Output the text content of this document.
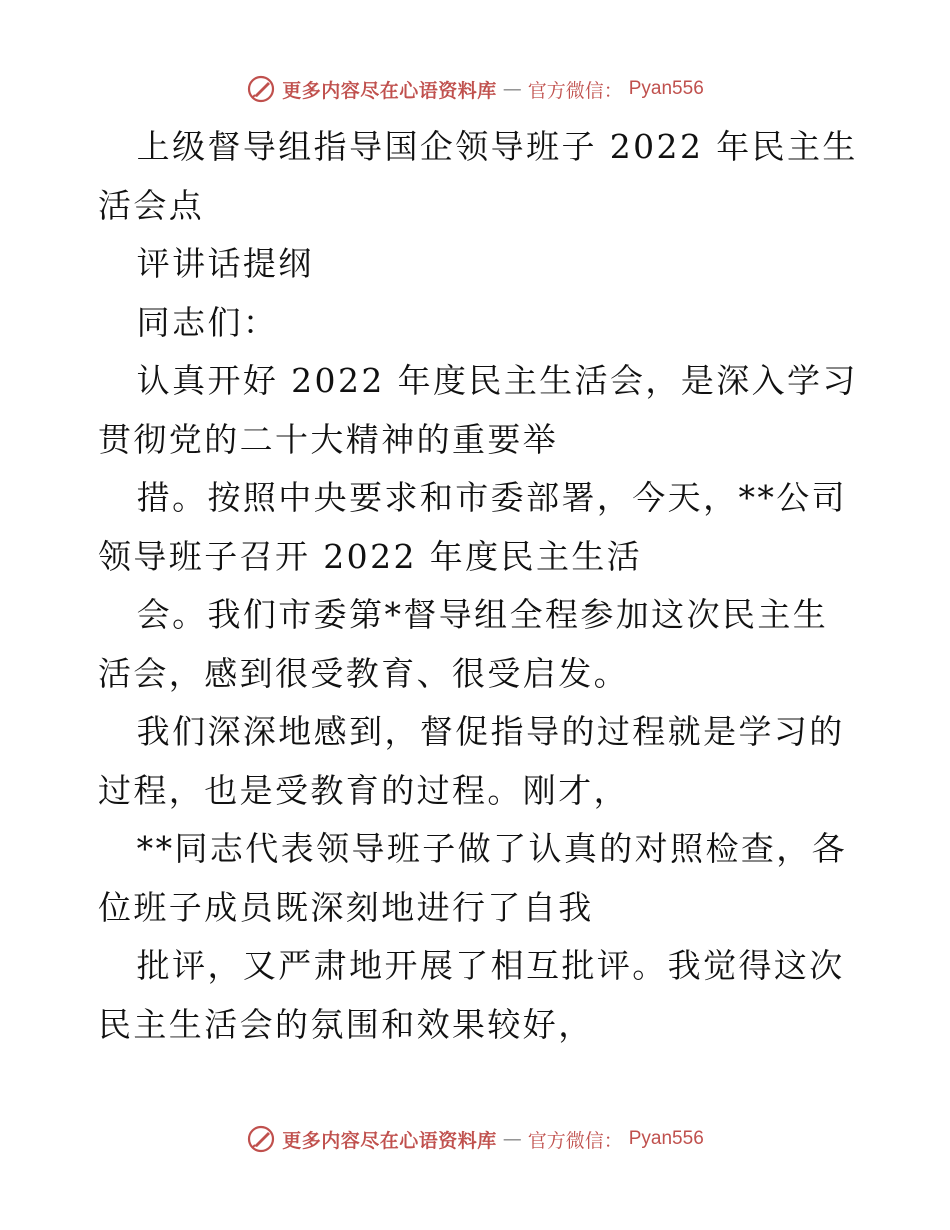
更多内容尽在心语资料库 — 官方微信： Pyan556

上级督导组指导国企领导班子 2022 年民主生活会点

评讲话提纲

同志们：

认真开好 2022 年度民主生活会，是深入学习贯彻党的二十大精神的重要举

措。按照中央要求和市委部署，今天，**公司领导班子召开 2022 年度民主生活

会。我们市委第*督导组全程参加这次民主生活会，感到很受教育、很受启发。

我们深深地感到，督促指导的过程就是学习的过程，也是受教育的过程。刚才，

**同志代表领导班子做了认真的对照检查，各位班子成员既深刻地进行了自我

批评，又严肃地开展了相互批评。我觉得这次民主生活会的氛围和效果较好，

更多内容尽在心语资料库 — 官方微信： Pyan556
